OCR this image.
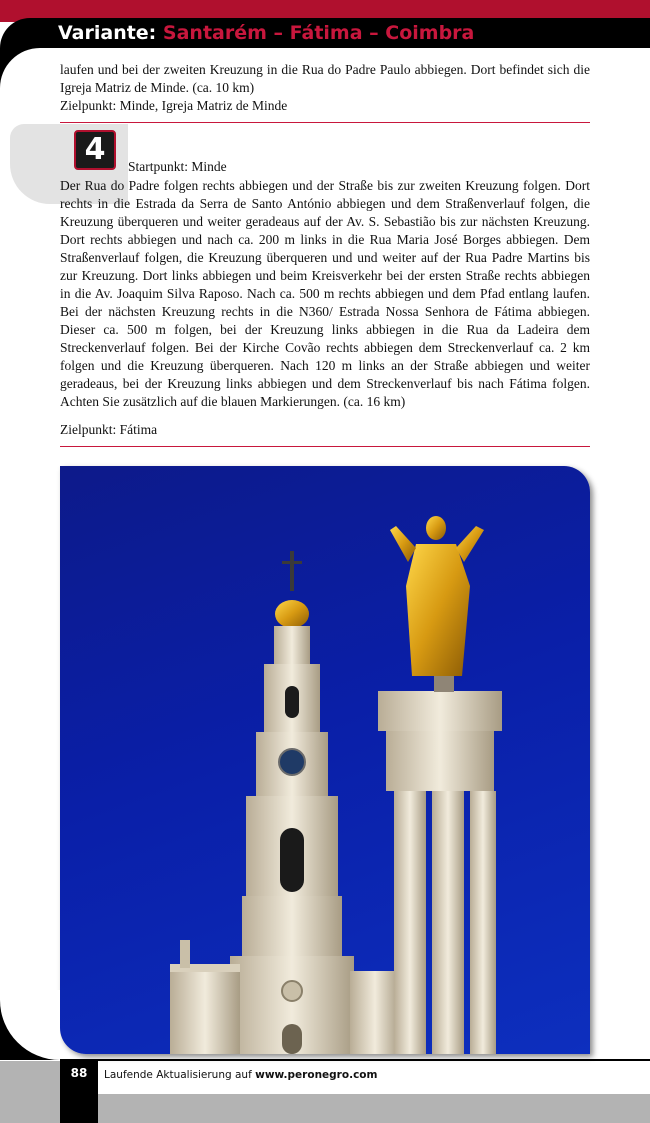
Variante: Santarém – Fátima – Coimbra
laufen und bei der zweiten Kreuzung in die Rua do Padre Paulo abbiegen. Dort befindet sich die Igreja Matriz de Minde. (ca. 10 km)
Zielpunkt: Minde, Igreja Matriz de Minde
4	Startpunkt: Minde
Der Rua do Padre folgen rechts abbiegen und der Straße bis zur zweiten Kreuzung folgen. Dort rechts in die Estrada da Serra de Santo António abbiegen und dem Straßenverlauf folgen, die Kreuzung überqueren und weiter geradeaus auf der Av. S. Sebastião bis zur nächsten Kreuzung. Dort rechts abbiegen und nach ca. 200 m links in die Rua Maria José Borges abbiegen. Dem Straßenverlauf folgen, die Kreuzung überqueren und und weiter auf der Rua Padre Martins bis zur Kreuzung. Dort links abbiegen und beim Kreisverkehr bei der ersten Straße rechts abbiegen in die Av. Joaquim Silva Raposo. Nach ca. 500 m rechts abbiegen und dem Pfad entlang laufen. Bei der nächsten Kreuzung rechts in die N360/ Estrada Nossa Senhora de Fátima abbiegen. Dieser ca. 500 m folgen, bei der Kreuzung links abbiegen in die Rua da Ladeira dem Streckenverlauf folgen. Bei der Kirche Covão rechts abbiegen dem Streckenverlauf ca. 2 km folgen und die Kreuzung überqueren. Nach 120 m links an der Straße abbiegen und weiter geradeaus, bei der Kreuzung links abbiegen und dem Streckenverlauf bis nach Fátima folgen. Achten Sie zusätzlich auf die blauen Markierungen. (ca. 16 km)
Zielpunkt: Fátima
88	Laufende Aktualisierung auf www.peronegro.com
